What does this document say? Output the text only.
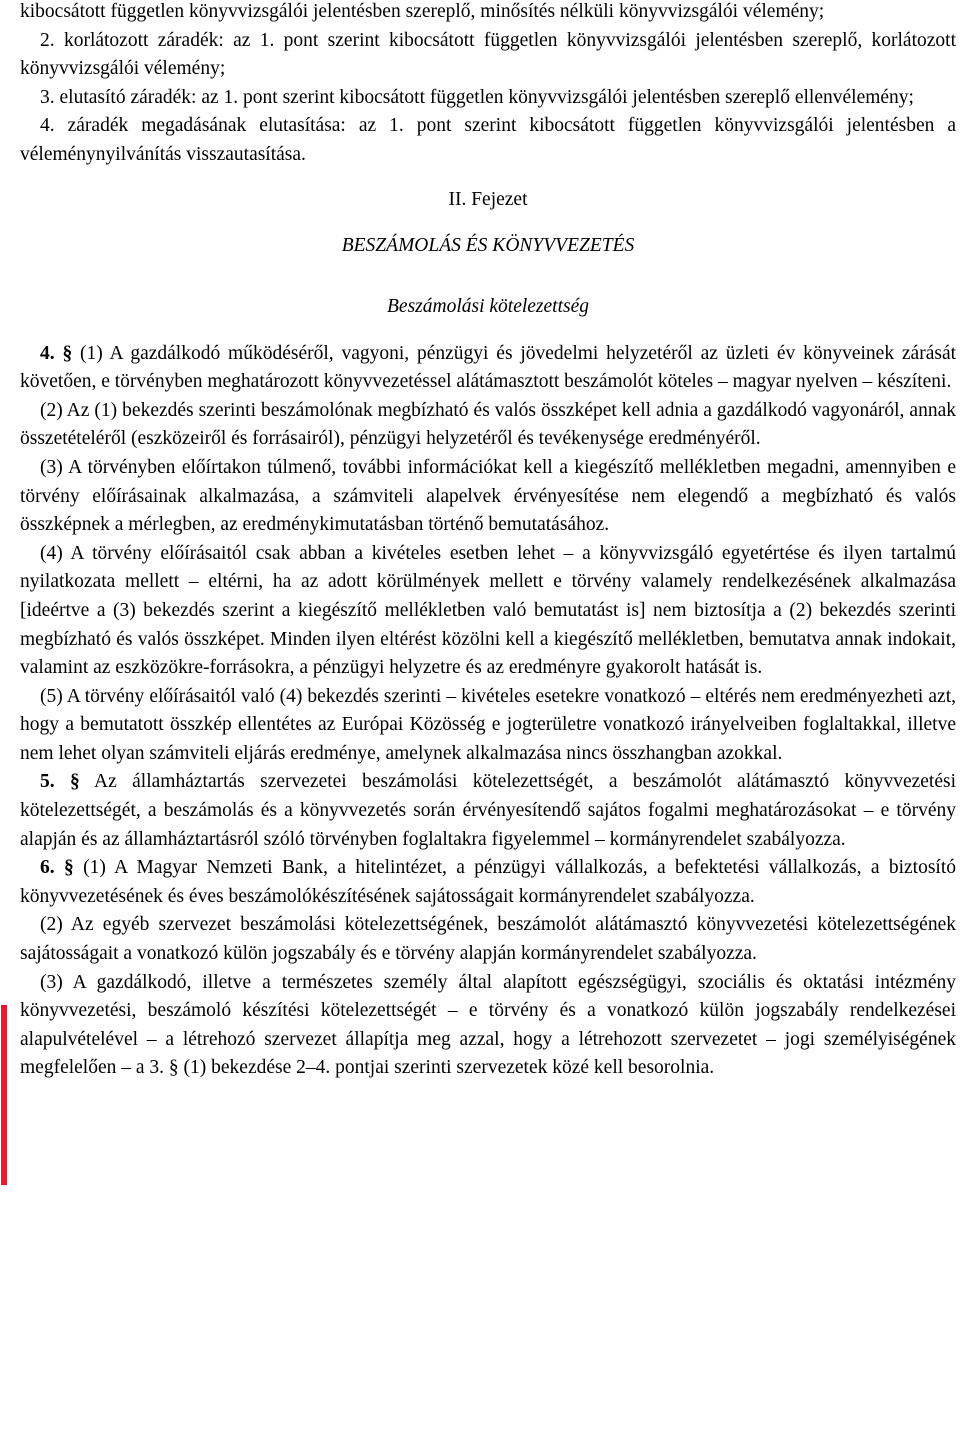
kibocsátott független könyvvizsgálói jelentésben szereplő, minősítés nélküli könyvvizsgálói vélemény;

2. korlátozott záradék: az 1. pont szerint kibocsátott független könyvvizsgálói jelentésben szereplő, korlátozott könyvvizsgálói vélemény;

3. elutasító záradék: az 1. pont szerint kibocsátott független könyvvizsgálói jelentésben szereplő ellenvélemény;

4. záradék megadásának elutasítása: az 1. pont szerint kibocsátott független könyvvizsgálói jelentésben a véleménynyilvánítás visszautasítása.

II. Fejezet

BESZÁMOLÁS ÉS KÖNYVVEZETÉS

Beszámolási kötelezettség

4. § (1) A gazdálkodó működéséről, vagyoni, pénzügyi és jövedelmi helyzetéről az üzleti év könyveinek zárását követően, e törvényben meghatározott könyvvezetéssel alátámasztott beszámolót köteles – magyar nyelven – készíteni.

(2) Az (1) bekezdés szerinti beszámolónak megbízható és valós összképet kell adnia a gazdálkodó vagyonáról, annak összetételéről (eszközeiről és forrásairól), pénzügyi helyzetéről és tevékenysége eredményéről.

(3) A törvényben előírtakon túlmenő, további információkat kell a kiegészítő mellékletben megadni, amennyiben e törvény előírásainak alkalmazása, a számviteli alapelvek érvényesítése nem elegendő a megbízható és valós összképnek a mérlegben, az eredménykimutatásban történő bemutatásához.

(4) A törvény előírásaitól csak abban a kivételes esetben lehet – a könyvvizsgáló egyetértése és ilyen tartalmú nyilatkozata mellett – eltérni, ha az adott körülmények mellett e törvény valamely rendelkezésének alkalmazása [ideértve a (3) bekezdés szerint a kiegészítő mellékletben való bemutatást is] nem biztosítja a (2) bekezdés szerinti megbízható és valós összképet. Minden ilyen eltérést közölni kell a kiegészítő mellékletben, bemutatva annak indokait, valamint az eszközökre-forrásokra, a pénzügyi helyzetre és az eredményre gyakorolt hatását is.

(5) A törvény előírásaitól való (4) bekezdés szerinti – kivételes esetekre vonatkozó – eltérés nem eredményezheti azt, hogy a bemutatott összkép ellentétes az Európai Közösség e jogterületre vonatkozó irányelveiben foglaltakkal, illetve nem lehet olyan számviteli eljárás eredménye, amelynek alkalmazása nincs összhangban azokkal.

5. § Az államháztartás szervezetei beszámolási kötelezettségét, a beszámolót alátámasztó könyvvezetési kötelezettségét, a beszámolás és a könyvvezetés során érvényesítendő sajátos fogalmi meghatározásokat – e törvény alapján és az államháztartásról szóló törvényben foglaltakra figyelemmel – kormányrendelet szabályozza.

6. § (1) A Magyar Nemzeti Bank, a hitelintézet, a pénzügyi vállalkozás, a befektetési vállalkozás, a biztosító könyvvezetésének és éves beszámolókészítésének sajátosságait kormányrendelet szabályozza.

(2) Az egyéb szervezet beszámolási kötelezettségének, beszámolót alátámasztó könyvvezetési kötelezettségének sajátosságait a vonatkozó külön jogszabály és e törvény alapján kormányrendelet szabályozza.

(3) A gazdálkodó, illetve a természetes személy által alapított egészségügyi, szociális és oktatási intézmény könyvvezetési, beszámoló készítési kötelezettségét – e törvény és a vonatkozó külön jogszabály rendelkezései alapulvételével – a létrehozó szervezet állapítja meg azzal, hogy a létrehozott szervezetet – jogi személyiségének megfelelően – a 3. § (1) bekezdése 2–4. pontjai szerinti szervezetek közé kell besorolnia.
